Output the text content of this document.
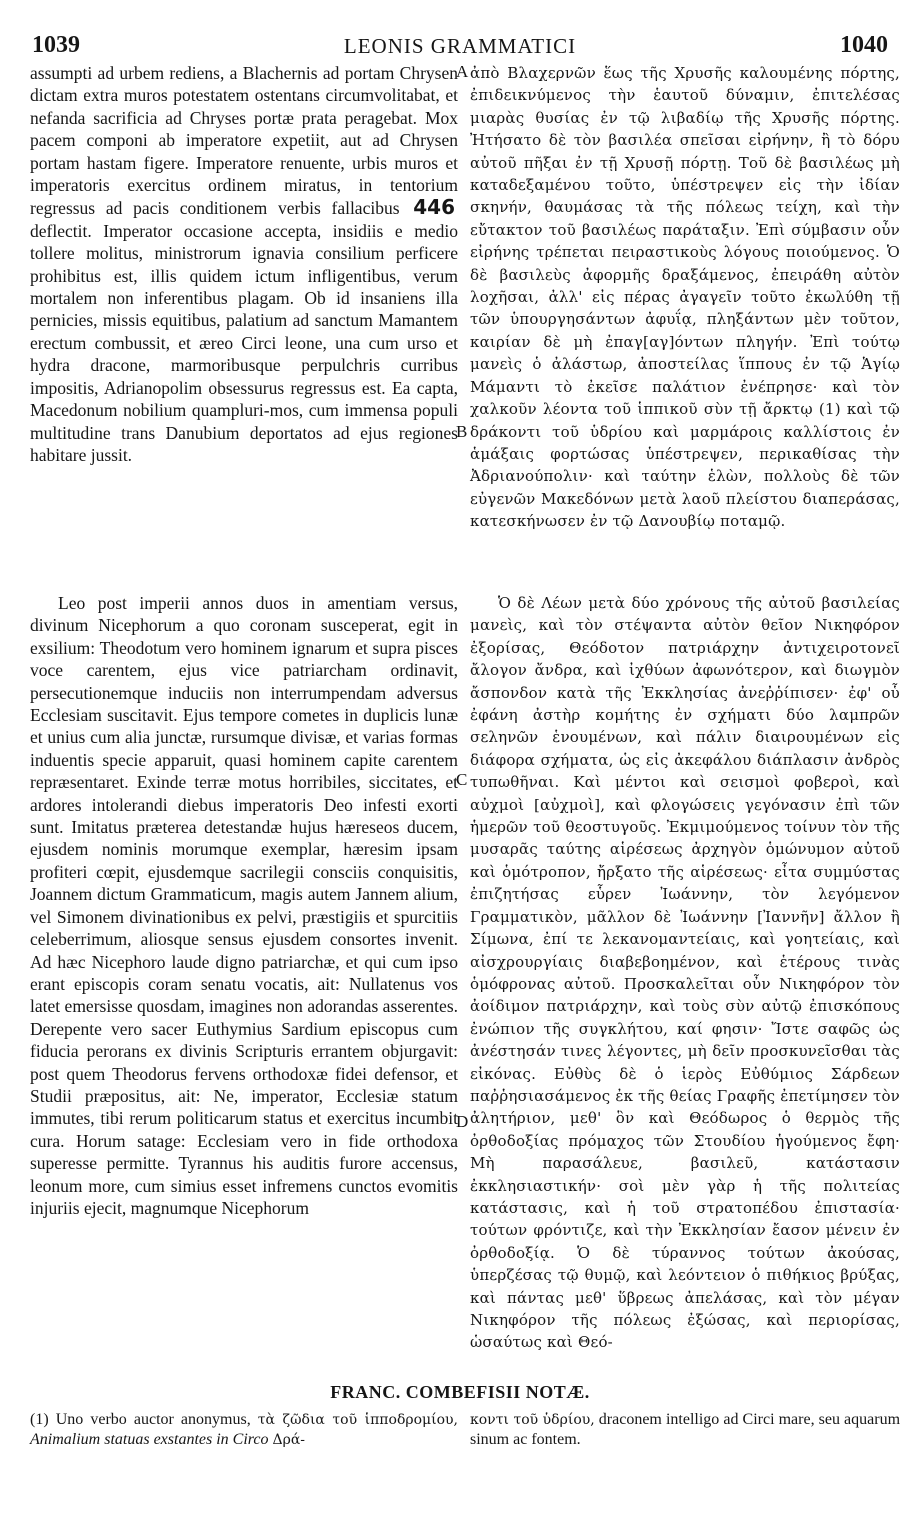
1039	LEONIS GRAMMATICI	1040
assumpti ad urbem rediens, a Blachernis ad portam Chrysen dictam extra muros potestatem ostentans circumvolitabat, et nefanda sacrificia ad Chryses portæ prata peragebat. Mox pacem componi ab imperatore expetiit, aut ad Chrysen portam hastam figere. Imperatore renuente, urbis muros et imperatoris exercitus ordinem miratus, in tentorium regressus ad pacis conditionem verbis fallacibus 446 deflectit. Imperator occasione accepta, insidiis e medio tollere molitus, ministrorum ignavia consilium perficere prohibitus est, illis quidem ictum infligentibus, verum mortalem non inferentibus plagam. Ob id insaniens illa pernicies, missis equitibus, palatium ad sanctum Mamantem erectum combussit, et æreo Circi leone, una cum urso et hydra dracone, marmoribusque perpulchris curribus impositis, Adrianopolim obsessurus regressus est. Ea capta, Macedonum nobilium quampluri-mos, cum immensa populi multitudine trans Danubium deportatos ad ejus regiones habitare jussit.
Leo post imperii annos duos in amentiam versus, divinum Nicephorum a quo coronam susceperat, egit in exsilium: Theodotum vero hominem ignarum et supra pisces voce carentem, ejus vice patriarcham ordinavit, persecutionemque induciis non interrumpendam adversus Ecclesiam suscitavit. Ejus tempore cometes in duplicis lunæ et unius cum alia junctæ, rursumque divisæ, et varias formas induentis specie apparuit, quasi hominem capite carentem repræsentaret. Exinde terræ motus horribiles, siccitates, et ardores intolerandi diebus imperatoris Deo infesti exorti sunt. Imitatus præterea detestandæ hujus hæreseos ducem, ejusdem nominis morumque exemplar, hæresim ipsam profiteri cœpit, ejusdemque sacrilegii consciis conquisitis, Joannem dictum Grammaticum, magis autem Jannem alium, vel Simonem divinationibus ex pelvi, præstigiis et spurcitiis celeberrimum, aliosque sensus ejusdem consortes invenit. Ad hæc Nicephoro laude digno patriarchæ, et qui cum ipso erant episcopis coram senatu vocatis, ait: Nullatenus vos latet emersisse quosdam, imagines non adorandas asserentes. Derepente vero sacer Euthymius Sardium episcopus cum fiducia perorans ex divinis Scripturis errantem objurgavit: post quem Theodorus fervens orthodoxæ fidei defensor, et Studii præpositus, ait: Ne, imperator, Ecclesiæ statum immutes, tibi rerum politicarum status et exercitus incumbit cura. Horum satage: Ecclesiam vero in fide orthodoxa superesse permitte. Tyrannus his auditis furore accensus, leonum more, cum simius esset infremens cunctos evomitis injuriis ejecit, magnumque Nicephorum
A
B
C
D
ἀπὸ Βλαχερνῶν ἕως τῆς Χρυσῆς καλουμένης πόρτης, ἐπιδεικνύμενος τὴν ἑαυτοῦ δύναμιν, ἐπιτελέσας μιαρὰς θυσίας ἐν τῷ λιβαδίῳ τῆς Χρυσῆς πόρτης. Ἠτήσατο δὲ τὸν βασιλέα σπεῖσαι εἰρήνην, ἢ τὸ δόρυ αὐτοῦ πῆξαι ἐν τῇ Χρυσῇ πόρτῃ. Τοῦ δὲ βασιλέως μὴ καταδεξαμένου τοῦτο, ὑπέστρεψεν εἰς τὴν ἰδίαν σκηνήν, θαυμάσας τὰ τῆς πόλεως τείχη, καὶ τὴν εὔτακτον τοῦ βασιλέως παράταξιν. Ἐπὶ σύμβασιν οὖν εἰρήνης τρέπεται πειραστικοὺς λόγους ποιούμενος. Ὁ δὲ βασιλεὺς ἀφορμῆς δραξάμενος, ἐπειράθη αὐτὸν λοχῆσαι, ἀλλ' εἰς πέρας ἀγαγεῖν τοῦτο ἐκωλύθη τῇ τῶν ὑπουργησάντων ἀφυΐᾳ, πληξάντων μὲν τοῦτον, καιρίαν δὲ μὴ ἐπαγ[αγ]όντων πληγήν. Ἐπὶ τούτῳ μανεὶς ὁ ἀλάστωρ, ἀποστείλας ἵππους ἐν τῷ Ἁγίῳ Μάμαντι τὸ ἐκεῖσε παλάτιον ἐνέπρησε· καὶ τὸν χαλκοῦν λέοντα τοῦ ἱππικοῦ σὺν τῇ ἄρκτῳ (1) καὶ τῷ δράκοντι τοῦ ὑδρίου καὶ μαρμάροις καλλίστοις ἐν ἁμάξαις φορτώσας ὑπέστρεψεν, περικαθίσας τὴν Ἀδριανούπολιν· καὶ ταύτην ἑλὼν, πολλοὺς δὲ τῶν εὐγενῶν Μακεδόνων μετὰ λαοῦ πλείστου διαπεράσας, κατεσκήνωσεν ἐν τῷ Δανουβίῳ ποταμῷ.
Ὁ δὲ Λέων μετὰ δύο χρόνους τῆς αὐτοῦ βασιλείας μανεὶς, καὶ τὸν στέψαντα αὐτὸν θεῖον Νικηφόρον ἐξορίσας, Θεόδοτον πατριάρχην ἀντιχειροτονεῖ ἄλογον ἄνδρα, καὶ ἰχθύων ἀφωνότερον, καὶ διωγμὸν ἄσπονδον κατὰ τῆς Ἐκκλησίας ἀνεῤῥίπισεν· ἐφ' οὗ ἐφάνη ἀστὴρ κομήτης ἐν σχήματι δύο λαμπρῶν σεληνῶν ἑνουμένων, καὶ πάλιν διαιρουμένων εἰς διάφορα σχήματα, ὡς εἰς ἀκεφάλου διάπλασιν ἀνδρὸς τυπωθῆναι. Καὶ μέντοι καὶ σεισμοὶ φοβεροὶ, καὶ αὐχμοὶ [αὐχμοὶ], καὶ φλογώσεις γεγόνασιν ἐπὶ τῶν ἡμερῶν τοῦ θεοστυγοῦς. Ἐκμιμούμενος τοίνυν τὸν τῆς μυσαρᾶς ταύτης αἱρέσεως ἀρχηγὸν ὁμώνυμον αὐτοῦ καὶ ὁμότροπον, ἤρξατο τῆς αἱρέσεως· εἶτα συμμύστας ἐπιζητήσας εὗρεν Ἰωάννην, τὸν λεγόμενον Γραμματικὸν, μᾶλλον δὲ Ἰωάννην [Ἰαννῆν] ἄλλον ἢ Σίμωνα, ἐπί τε λεκανομαντείαις, καὶ γοητείαις, καὶ αἰσχρουργίαις διαβεβοημένον, καὶ ἑτέρους τινὰς ὁμόφρονας αὐτοῦ. Προσκαλεῖται οὖν Νικηφόρον τὸν ἀοίδιμον πατριάρχην, καὶ τοὺς σὺν αὐτῷ ἐπισκόπους ἐνώπιον τῆς συγκλήτου, καί φησιν· Ἴστε σαφῶς ὡς ἀνέστησάν τινες λέγοντες, μὴ δεῖν προσκυνεῖσθαι τὰς εἰκόνας. Εὐθὺς δὲ ὁ ἱερὸς Εὐθύμιος Σάρδεων παῤῥησιασάμενος ἐκ τῆς θείας Γραφῆς ἐπετίμησεν τὸν ἀλητήριον, μεθ' ὃν καὶ Θεόδωρος ὁ θερμὸς τῆς ὀρθοδοξίας πρόμαχος τῶν Στουδίου ἡγούμενος ἔφη· Μὴ παρασάλευε, βασιλεῦ, κατάστασιν ἐκκλησιαστικήν· σοὶ μὲν γὰρ ἡ τῆς πολιτείας κατάστασις, καὶ ἡ τοῦ στρατοπέδου ἐπιστασία· τούτων φρόντιζε, καὶ τὴν Ἐκκλησίαν ἔασον μένειν ἐν ὀρθοδοξίᾳ. Ὁ δὲ τύραννος τούτων ἀκούσας, ὑπερζέσας τῷ θυμῷ, καὶ λεόντειον ὁ πιθήκιος βρύξας, καὶ πάντας μεθ' ὕβρεως ἀπελάσας, καὶ τὸν μέγαν Νικηφόρον τῆς πόλεως ἐξώσας, καὶ περιορίσας, ὡσαύτως καὶ Θεό-
FRANC. COMBEFISII NOTÆ.
(1) Uno verbo auctor anonymus, τὰ ζῶδια τοῦ ἱπποδρομίου, Animalium statuas exstantes in Circo Δρά-
κοντι τοῦ ὑδρίου, draconem intelligo ad Circi mare, seu aquarum sinum ac fontem.
